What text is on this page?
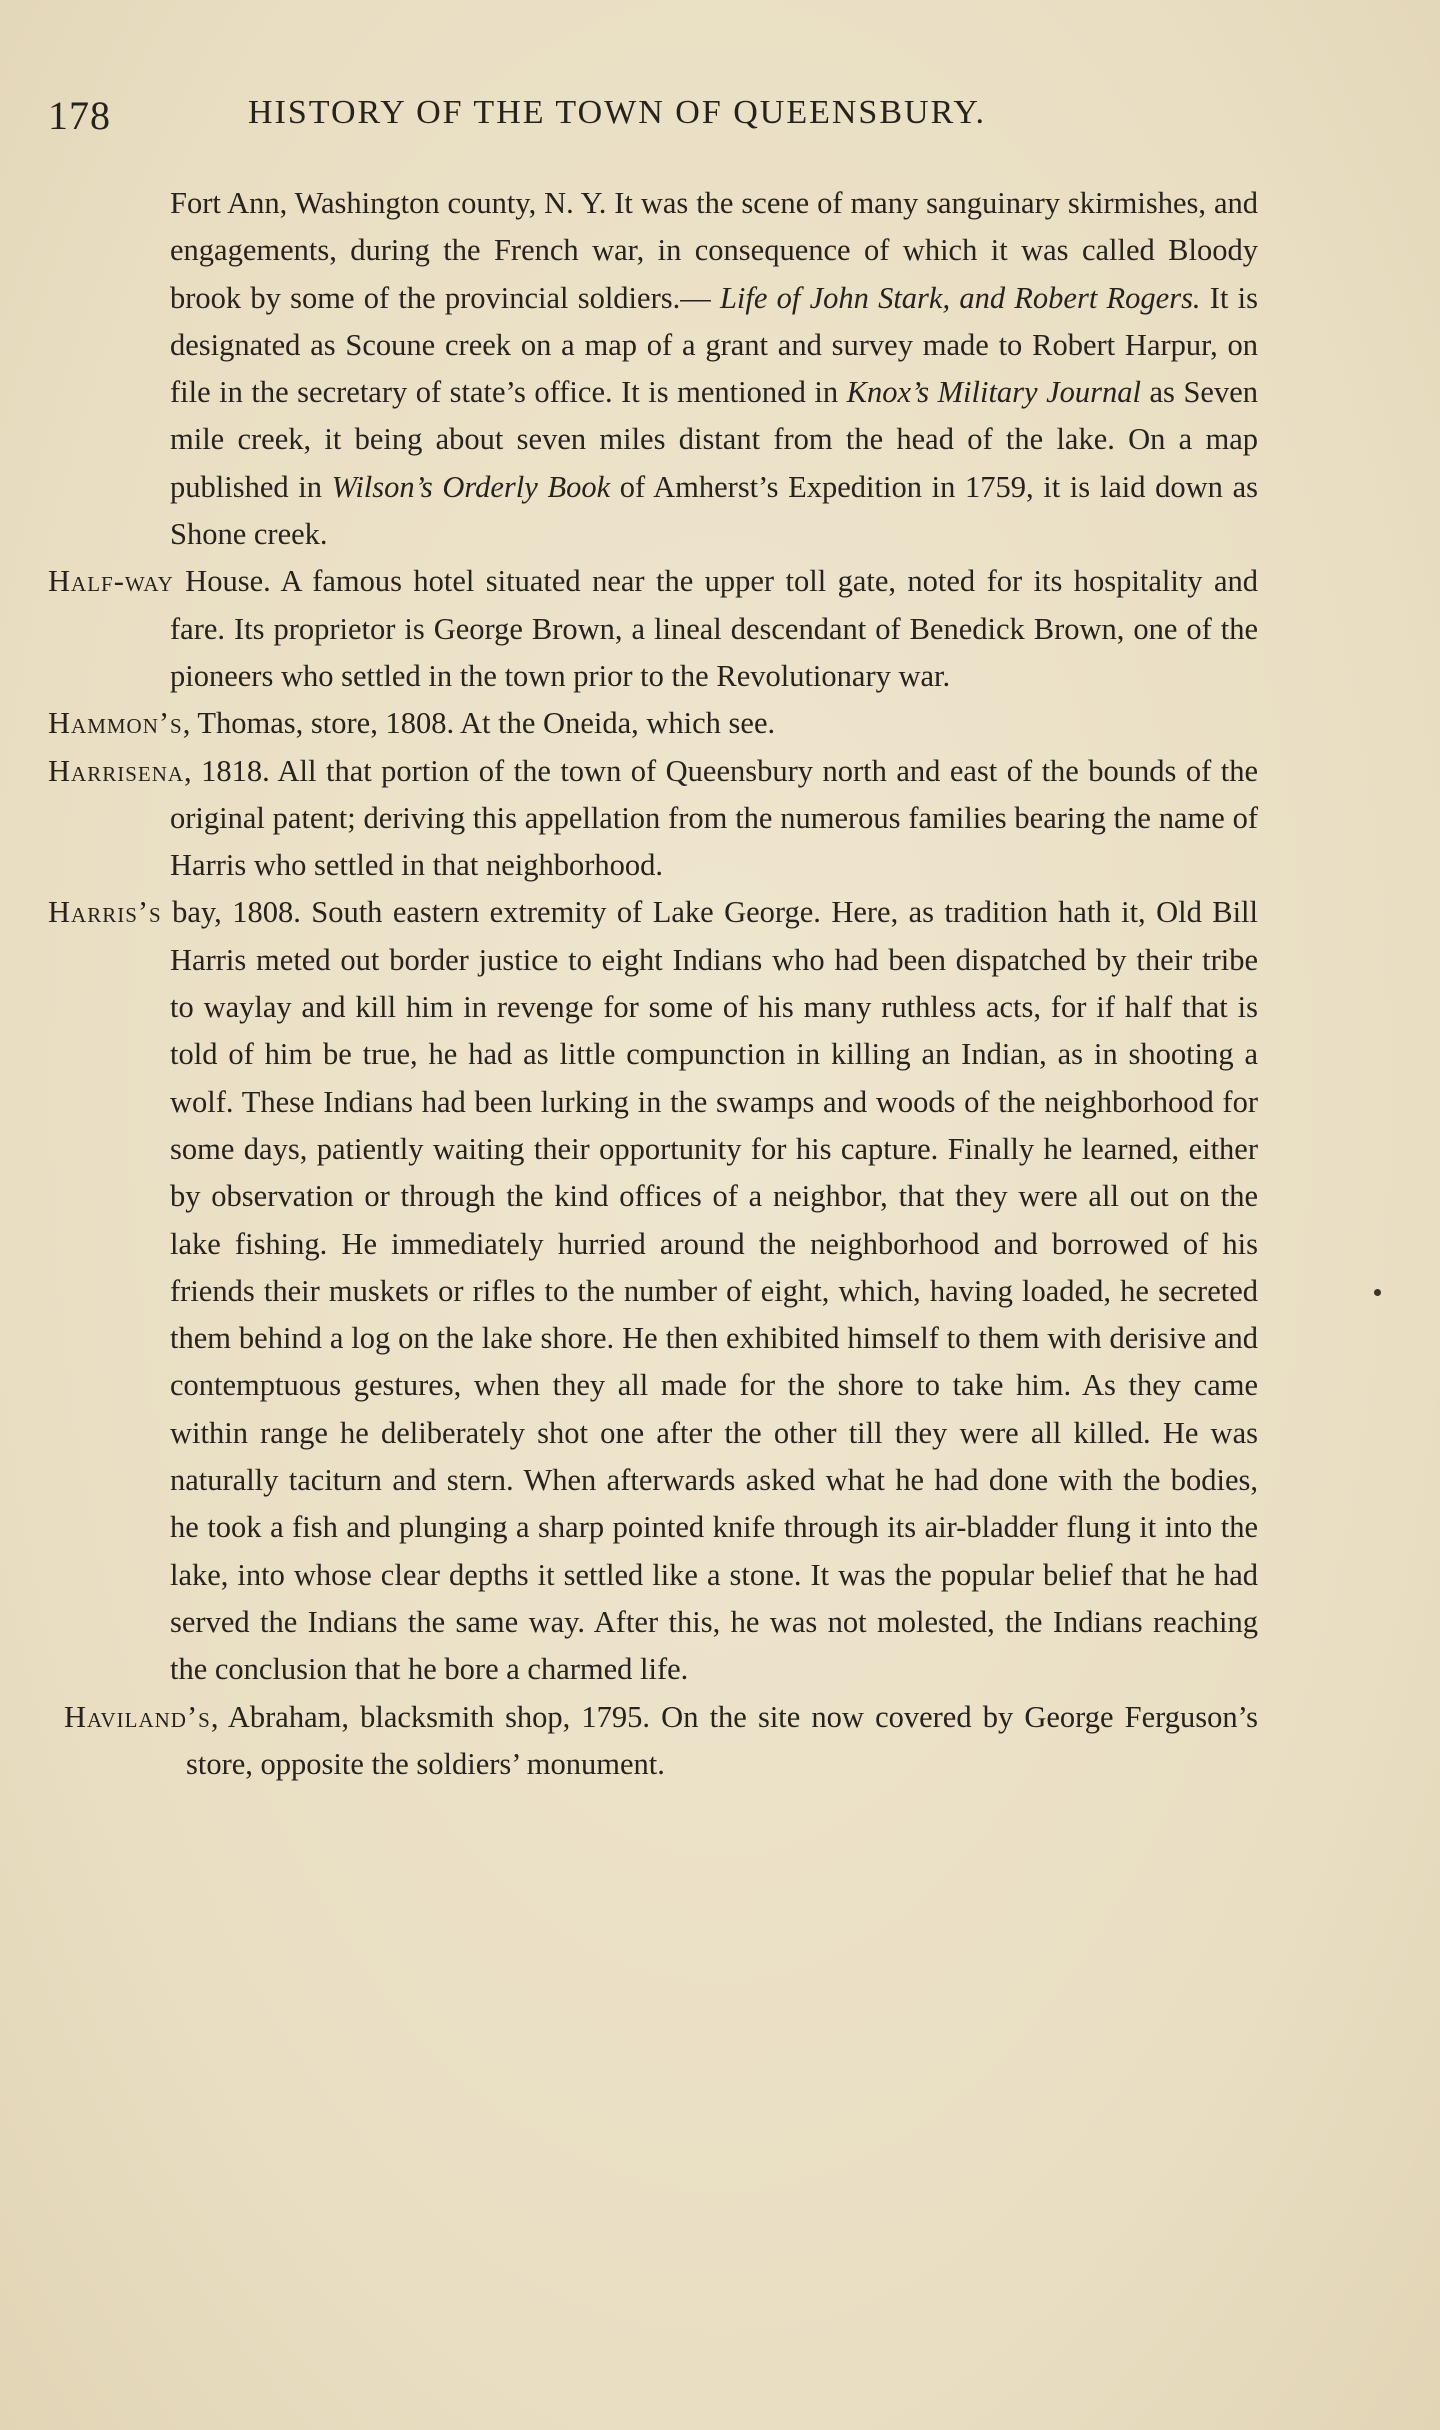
178	HISTORY OF THE TOWN OF QUEENSBURY.

Fort Ann, Washington county, N. Y. It was the scene of many sanguinary skirmishes, and engagements, during the French war, in consequence of which it was called Bloody brook by some of the provincial soldiers.— Life of John Stark, and Robert Rogers. It is designated as Scoune creek on a map of a grant and survey made to Robert Harpur, on file in the secretary of state’s office. It is mentioned in Knox’s Military Journal as Seven mile creek, it being about seven miles distant from the head of the lake. On a map published in Wilson’s Orderly Book of Amherst’s Expedition in 1759, it is laid down as Shone creek.

Half-way House. A famous hotel situated near the upper toll gate, noted for its hospitality and fare. Its proprietor is George Brown, a lineal descendant of Benedick Brown, one of the pioneers who settled in the town prior to the Revolutionary war.

Hammon’s, Thomas, store, 1808. At the Oneida, which see.

Harrisena, 1818. All that portion of the town of Queensbury north and east of the bounds of the original patent; deriving this appellation from the numerous families bearing the name of Harris who settled in that neighborhood.

Harris’s bay, 1808. South eastern extremity of Lake George. Here, as tradition hath it, Old Bill Harris meted out border justice to eight Indians who had been dispatched by their tribe to waylay and kill him in revenge for some of his many ruthless acts, for if half that is told of him be true, he had as little compunction in killing an Indian, as in shooting a wolf. These Indians had been lurking in the swamps and woods of the neighborhood for some days, patiently waiting their opportunity for his capture. Finally he learned, either by observation or through the kind offices of a neighbor, that they were all out on the lake fishing. He immediately hurried around the neighborhood and borrowed of his friends their muskets or rifles to the number of eight, which, having loaded, he secreted them behind a log on the lake shore. He then exhibited himself to them with derisive and contemptuous gestures, when they all made for the shore to take him. As they came within range he deliberately shot one after the other till they were all killed. He was naturally taciturn and stern. When afterwards asked what he had done with the bodies, he took a fish and plunging a sharp pointed knife through its air-bladder flung it into the lake, into whose clear depths it settled like a stone. It was the popular belief that he had served the Indians the same way. After this, he was not molested, the Indians reaching the conclusion that he bore a charmed life.

Haviland’s, Abraham, blacksmith shop, 1795. On the site now covered by George Ferguson’s store, opposite the soldiers’ monument.
